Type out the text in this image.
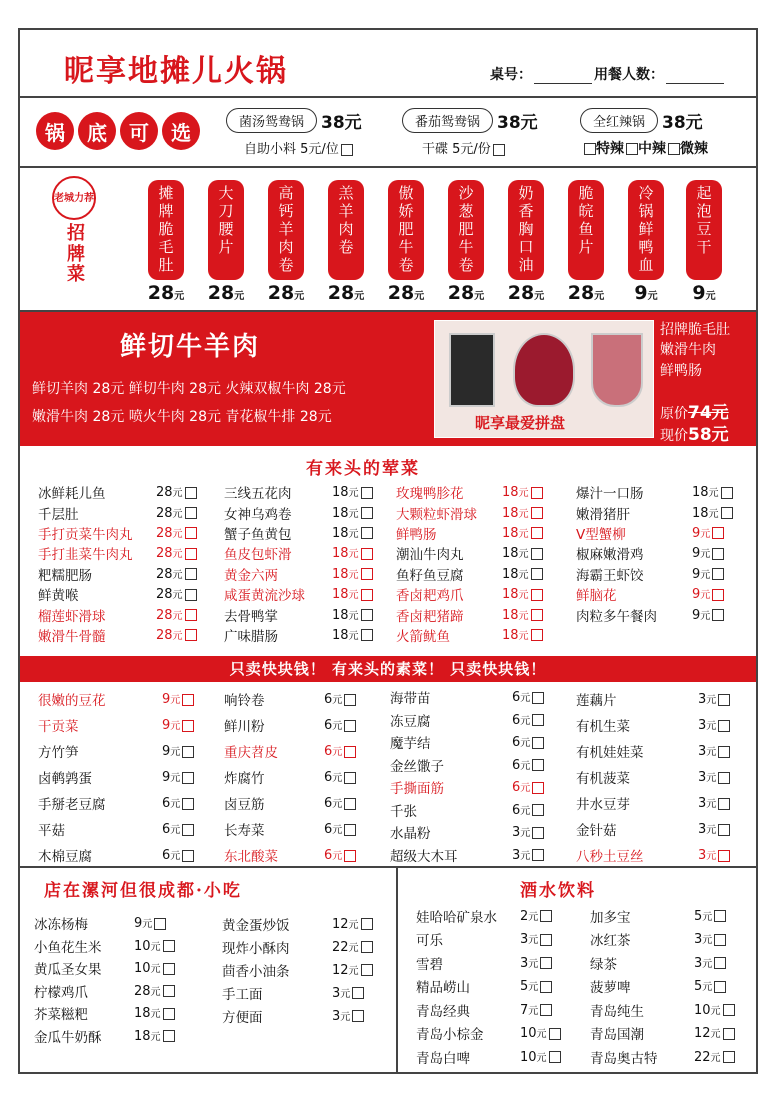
昵享地摊儿火锅	桌号：	用餐人数：
锅	底	可	选	菌汤鸳鸯锅	38元	番茄鸳鸯锅	38元	全红辣锅	38元
自助小料 5元/位	干碟 5元/份	特辣 中辣 微辣
老城力荐
招牌菜
摊
牌
脆
毛
肚
28元
大
刀
腰
片
28元
高
钙
羊
肉
卷
28元
羔
羊
肉
卷
28元
傲
娇
肥
牛
卷
28元
沙
葱
肥
牛
卷
28元
奶
香
胸
口
油
28元
脆
皖
鱼
片
28元
冷
锅
鲜
鸭
血
9元
起
泡
豆
干
9元
鲜切牛羊肉
鲜切羊肉 28元 鲜切牛肉 28元 火辣双椒牛肉 28元
嫩滑牛肉 28元 喷火牛肉 28元 青花椒牛排 28元	昵享最爱拼盘
招牌脆毛肚
嫩滑牛肉
鲜鸭肠
原价74元
现价58元
有来头的荤菜
冰鲜耗儿鱼	28元
千层肚	28元
手打贡菜牛肉丸 28元
手打韭菜牛肉丸 28元
粑糯肥肠	28元
鲜黄喉	28元
榴莲虾滑球	28元
嫩滑牛骨髓	28元
三线五花肉	18元
女神乌鸡卷	18元
蟹子鱼黄包	18元
鱼皮包虾滑	18元
黄金六两	18元
咸蛋黄流沙球 18元
去骨鸭掌	18元
广味腊肠	18元
玫瑰鸭胗花	18元
大颗粒虾滑球 18元
鲜鸭肠	18元
潮汕牛肉丸	18元
鱼籽鱼豆腐	18元
香卤耙鸡爪	18元
香卤耙猪蹄	18元
火箭鱿鱼	18元
爆汁一口肠	18元
嫩滑猪肝	18元
V型蟹柳	9元
椒麻嫩滑鸡	9元
海霸王虾饺	9元
鲜脑花	9元
肉粒多午餐肉	9元
只卖快块钱！ 有来头的素菜！ 只卖快块钱！
很嫩的豆花	9元
干贡菜	9元
方竹笋	9元
卤鹌鹑蛋	9元
手掰老豆腐	6元
平菇	6元
木棉豆腐	6元
响铃卷	6元
鲜川粉	6元
重庆苕皮	6元
炸腐竹	6元
卤豆筋	6元
长寿菜	6元
东北酸菜	6元
海带苗	6元
冻豆腐	6元
魔芋结	6元
金丝馓子	6元
手撕面筋	6元
千张	6元
水晶粉	3元
超级大木耳	3元
莲藕片	3元
有机生菜	3元
有机娃娃菜	3元
有机菠菜	3元
井水豆芽	3元
金针菇	3元
八秒土豆丝	3元
店在漯河但很成都·小吃	酒水饮料
冰冻杨梅	9元
小鱼花生米	10元
黄瓜圣女果	10元
柠檬鸡爪	28元
芥菜糍粑	18元
金瓜牛奶酥	18元
黄金蛋炒饭	12元
现炸小酥肉	22元
茴香小油条	12元
手工面	3元
方便面	3元
娃哈哈矿泉水 2元
可乐	3元
雪碧	3元
精品崂山	5元
青岛经典	7元
青岛小棕金	10元
青岛白啤	10元
加多宝	5元
冰红茶	3元
绿茶	3元
菠萝啤	5元
青岛纯生	10元
青岛国潮	12元
青岛奥古特	22元
